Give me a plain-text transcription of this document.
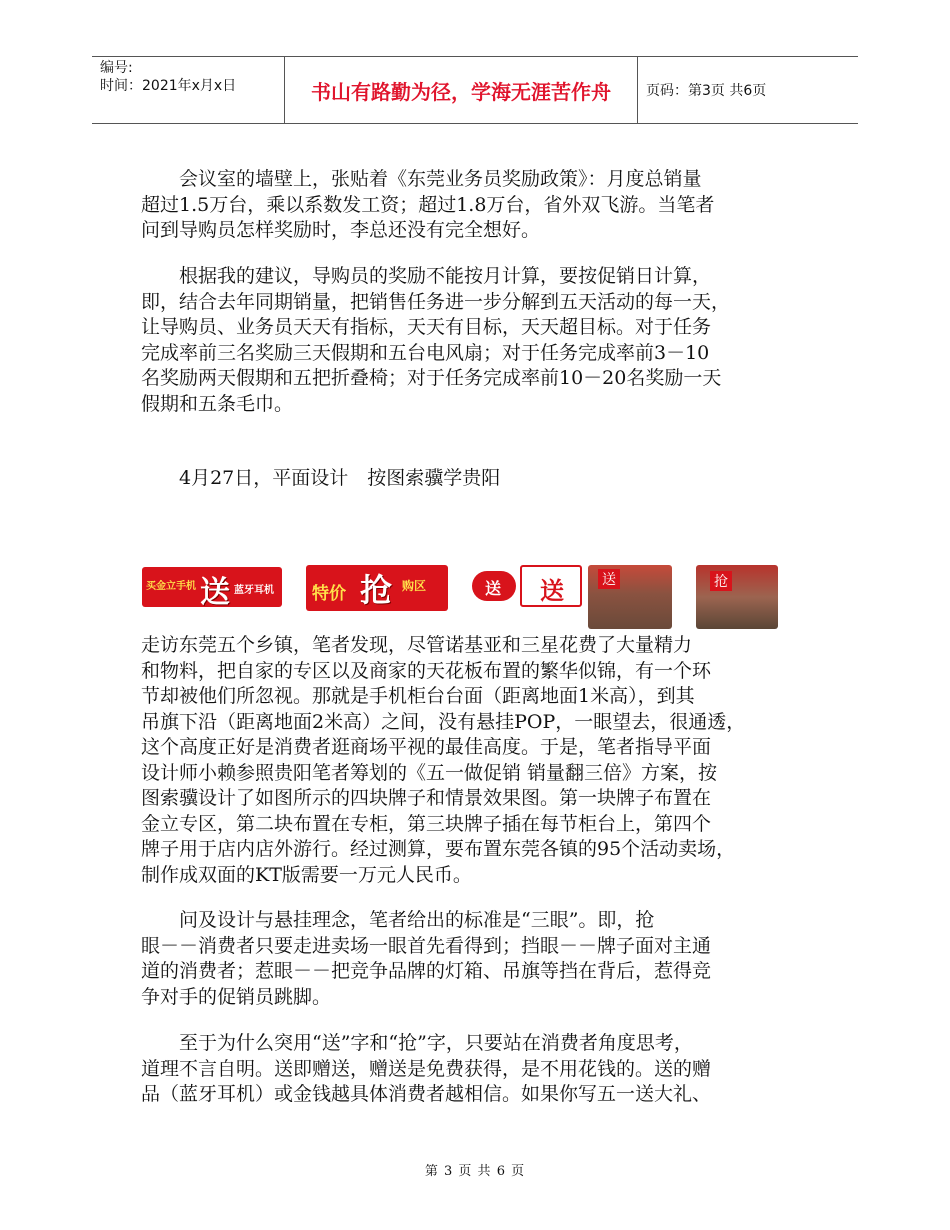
编号:
时间：2021年x月x日	书山有路勤为径，学海无涯苦作舟	页码：第3页 共6页

　　会议室的墙壁上，张贴着《东莞业务员奖励政策》：月度总销量
超过1.5万台，乘以系数发工资；超过1.8万台，省外双飞游。当笔者
问到导购员怎样奖励时，李总还没有完全想好。

　　根据我的建议，导购员的奖励不能按月计算，要按促销日计算，
即，结合去年同期销量，把销售任务进一步分解到五天活动的每一天，
让导购员、业务员天天有指标，天天有目标，天天超目标。对于任务
完成率前三名奖励三天假期和五台电风扇；对于任务完成率前3－10
名奖励两天假期和五把折叠椅；对于任务完成率前10－20名奖励一天
假期和五条毛巾。

　　4月27日，平面设计　按图索骥学贵阳

买金立手机 送 蓝牙耳机 特价 抢 购区	送 送	送	抢

走访东莞五个乡镇，笔者发现，尽管诺基亚和三星花费了大量精力
和物料，把自家的专区以及商家的天花板布置的繁华似锦，有一个环
节却被他们所忽视。那就是手机柜台台面（距离地面1米高），到其
吊旗下沿（距离地面2米高）之间，没有悬挂POP，一眼望去，很通透，
这个高度正好是消费者逛商场平视的最佳高度。于是，笔者指导平面
设计师小赖参照贵阳笔者筹划的《五一做促销 销量翻三倍》方案，按
图索骥设计了如图所示的四块牌子和情景效果图。第一块牌子布置在
金立专区，第二块布置在专柜，第三块牌子插在每节柜台上，第四个
牌子用于店内店外游行。经过测算，要布置东莞各镇的95个活动卖场，
制作成双面的KT版需要一万元人民币。

　　问及设计与悬挂理念，笔者给出的标准是“三眼”。即，抢
眼－－消费者只要走进卖场一眼首先看得到；挡眼－－牌子面对主通
道的消费者；惹眼－－把竞争品牌的灯箱、吊旗等挡在背后，惹得竞
争对手的促销员跳脚。

　　至于为什么突用“送”字和“抢”字，只要站在消费者角度思考，
道理不言自明。送即赠送，赠送是免费获得，是不用花钱的。送的赠
品（蓝牙耳机）或金钱越具体消费者越相信。如果你写五一送大礼、

第 3 页 共 6 页
